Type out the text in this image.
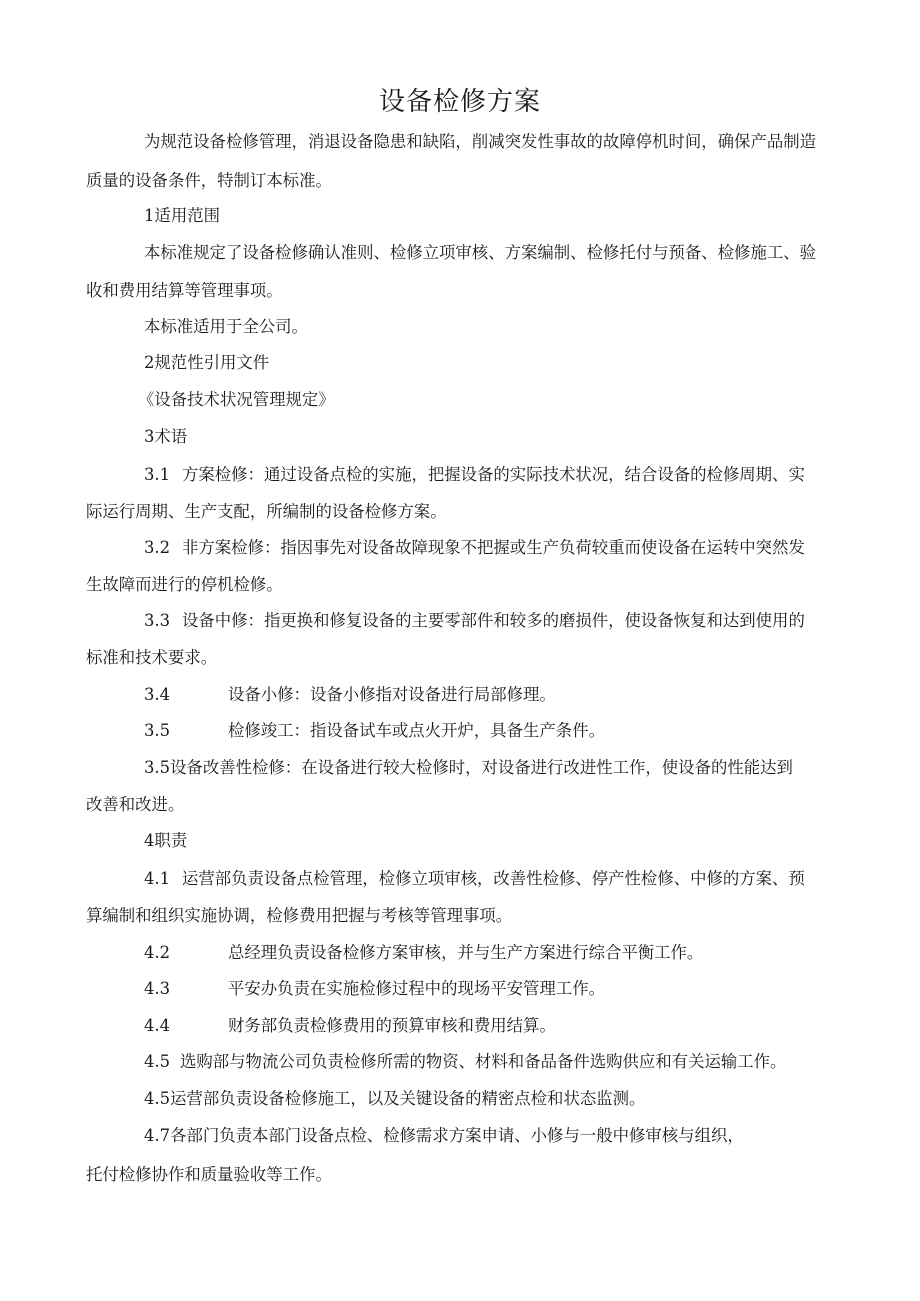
设备检修方案
为规范设备检修管理，消退设备隐患和缺陷，削减突发性事故的故障停机时间，确保产品制造
质量的设备条件，特制订本标准。
1适用范围
本标准规定了设备检修确认准则、检修立项审核、方案编制、检修托付与预备、检修施工、验
收和费用结算等管理事项。
本标准适用于全公司。
2规范性引用文件
《设备技术状况管理规定》
3术语
3.1 方案检修：通过设备点检的实施，把握设备的实际技术状况，结合设备的检修周期、实
际运行周期、生产支配，所编制的设备检修方案。
3.2 非方案检修：指因事先对设备故障现象不把握或生产负荷较重而使设备在运转中突然发
生故障而进行的停机检修。
3.3 设备中修：指更换和修复设备的主要零部件和较多的磨损件，使设备恢复和达到使用的
标准和技术要求。
3.4	设备小修：设备小修指对设备进行局部修理。
3.5	检修竣工：指设备试车或点火开炉，具备生产条件。
3.5设备改善性检修：在设备进行较大检修时，对设备进行改进性工作，使设备的性能达到
改善和改进。
4职责
4.1 运营部负责设备点检管理，检修立项审核，改善性检修、停产性检修、中修的方案、预
算编制和组织实施协调，检修费用把握与考核等管理事项。
4.2	总经理负责设备检修方案审核，并与生产方案进行综合平衡工作。
4.3	平安办负责在实施检修过程中的现场平安管理工作。
4.4	财务部负责检修费用的预算审核和费用结算。
4.5 选购部与物流公司负责检修所需的物资、材料和备品备件选购供应和有关运输工作。
4.5运营部负责设备检修施工，以及关键设备的精密点检和状态监测。
4.7各部门负责本部门设备点检、检修需求方案申请、小修与一般中修审核与组织，
托付检修协作和质量验收等工作。
